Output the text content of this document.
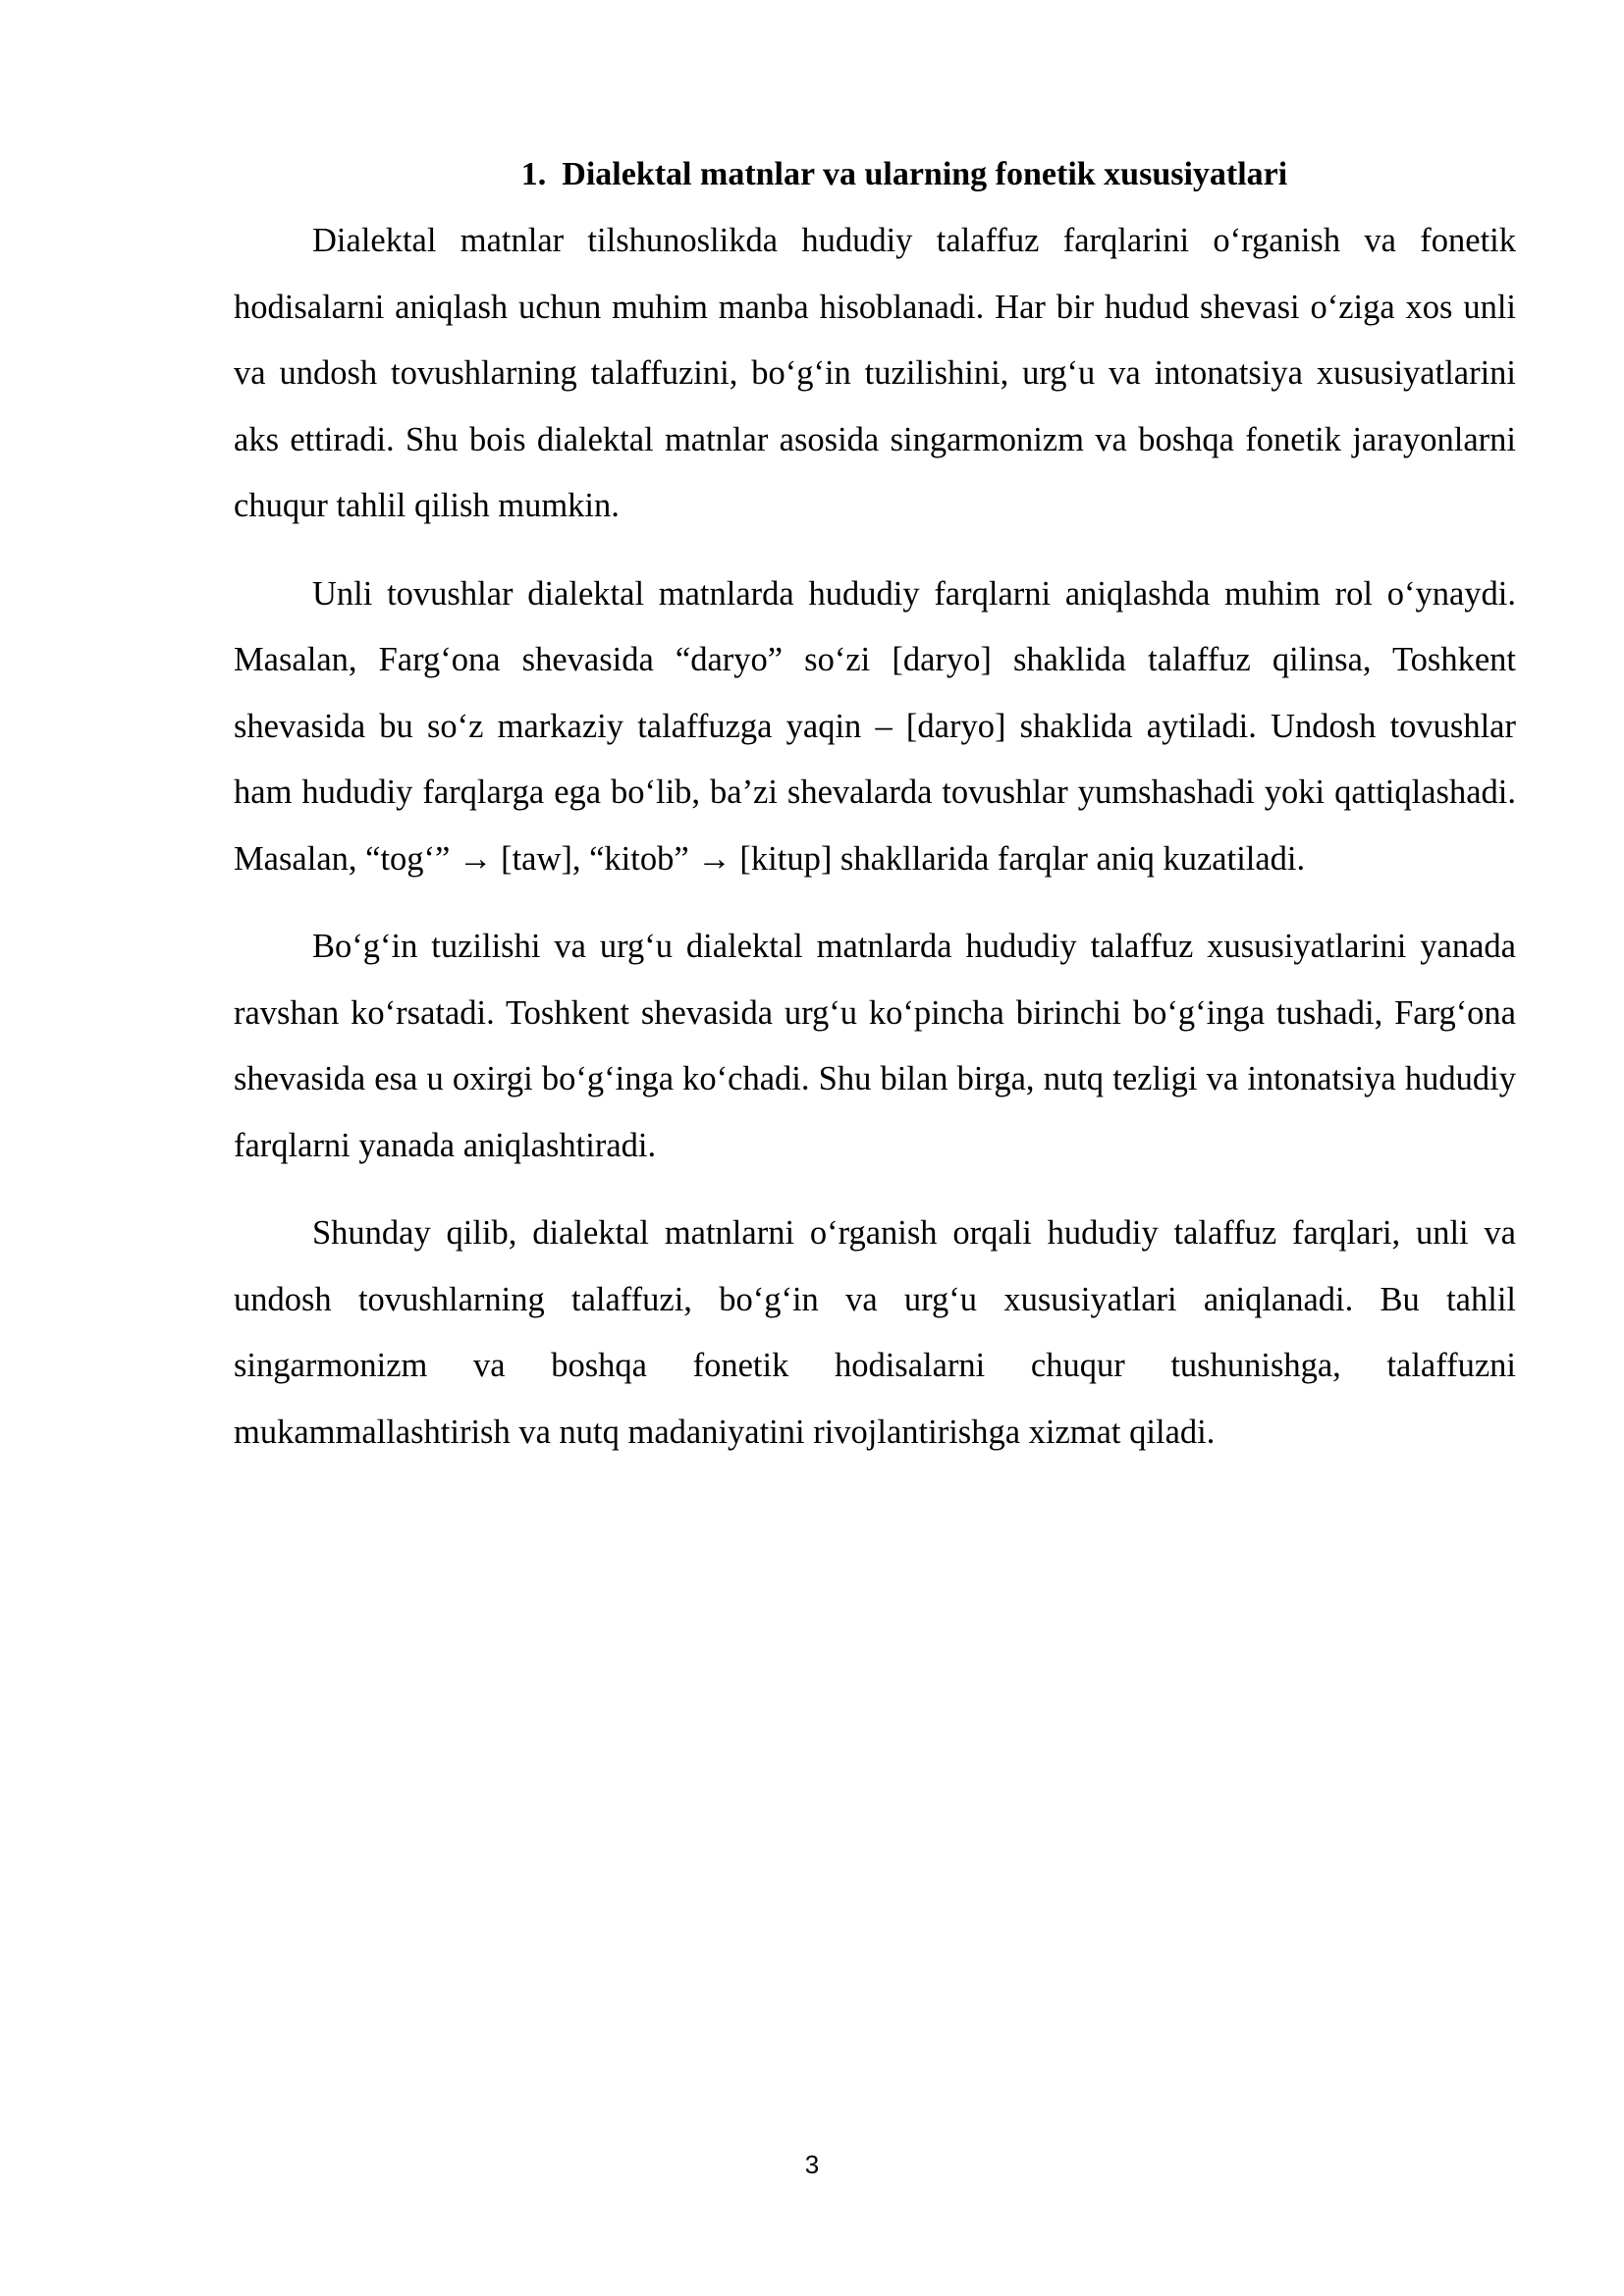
1. Dialektal matnlar va ularning fonetik xususiyatlari

Dialektal matnlar tilshunoslikda hududiy talaffuz farqlarini o‘rganish va fonetik hodisalarni aniqlash uchun muhim manba hisoblanadi. Har bir hudud shevasi o‘ziga xos unli va undosh tovushlarning talaffuzini, bo‘g‘in tuzilishini, urg‘u va intonatsiya xususiyatlarini aks ettiradi. Shu bois dialektal matnlar asosida singarmonizm va boshqa fonetik jarayonlarni chuqur tahlil qilish mumkin.

Unli tovushlar dialektal matnlarda hududiy farqlarni aniqlashda muhim rol o‘ynaydi. Masalan, Farg‘ona shevasida “daryo” so‘zi [daryo] shaklida talaffuz qilinsa, Toshkent shevasida bu so‘z markaziy talaffuzga yaqin – [daryo] shaklida aytiladi. Undosh tovushlar ham hududiy farqlarga ega bo‘lib, ba’zi shevalarda tovushlar yumshashadi yoki qattiqlashadi. Masalan, “tog‘” → [taw], “kitob” → [kitup] shakllarida farqlar aniq kuzatiladi.

Bo‘g‘in tuzilishi va urg‘u dialektal matnlarda hududiy talaffuz xususiyatlarini yanada ravshan ko‘rsatadi. Toshkent shevasida urg‘u ko‘pincha birinchi bo‘g‘inga tushadi, Farg‘ona shevasida esa u oxirgi bo‘g‘inga ko‘chadi. Shu bilan birga, nutq tezligi va intonatsiya hududiy farqlarni yanada aniqlashtiradi.

Shunday qilib, dialektal matnlarni o‘rganish orqali hududiy talaffuz farqlari, unli va undosh tovushlarning talaffuzi, bo‘g‘in va urg‘u xususiyatlari aniqlanadi. Bu tahlil singarmonizm va boshqa fonetik hodisalarni chuqur tushunishga, talaffuzni mukammallashtirish va nutq madaniyatini rivojlantirishga xizmat qiladi.

3
